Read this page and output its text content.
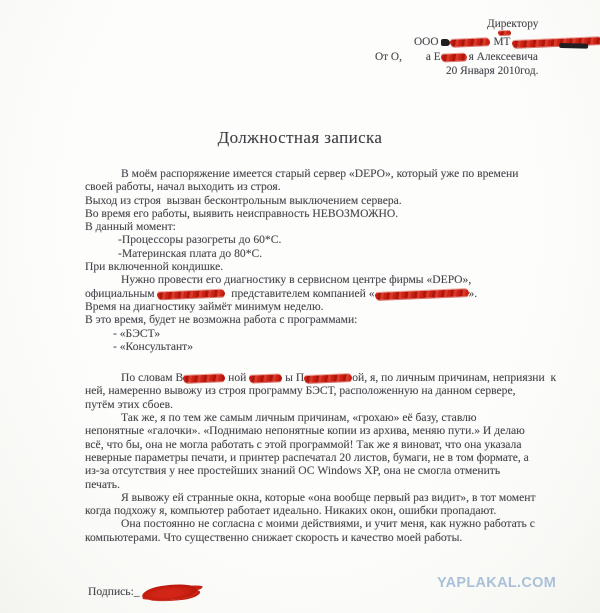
Директору
ООО	МТ
От О, а Е я Алексеевича
20 Января 2010год.
Должностная записка
В моём распоряжение имеется старый сервер «DEPO», который уже по времени
своей работы, начал выходить из строя.
Выход из строя  вызван бесконтрольным выключением сервера.
Во время его работы, выявить неисправность НЕВОЗМОЖНО.
В данный момент:
-Процессоры разогреты до 60*С.
-Материнская плата до 80*С.
При включенной кондишке.
Нужно провести его диагностику в сервисном центре фирмы «DEPO»,
официальным	представителем компанией «	».
Время на диагностику займёт минимум неделю.
В это время, будет не возможна работа с программами:
- «БЭСТ»
- «Консультант»
По словам В	ной	ы П	ой, я, по личным причинам, неприязни  к
ней, намеренно вывожу из строя программу БЭСТ, расположенную на данном сервере,
путём этих сбоев.
Так же, я по тем же самым личным причинам, «грохаю» её базу, ставлю
непонятные «галочки». «Поднимаю непонятные копии из архива, меняю пути.» И делаю
всё, что бы, она не могла работать с этой программой! Так же я виноват, что она указала
неверные параметры печати, и принтер распечатал 20 листов, бумаги, не в том формате, а
из-за отсутствия у нее простейших знаний ОС Windows XP, она не смогла отменить
печать.
Я вывожу ей странные окна, которые «она вообще первый раз видит», в тот момент
когда подхожу я, компьютер работает идеально. Никаких окон, ошибки пропадают.
Она постоянно не согласна с моими действиями, и учит меня, как нужно работать с
компьютерами. Что существенно снижает скорость и качество моей работы.
Подпись:_
YAPLAKAL.COM
